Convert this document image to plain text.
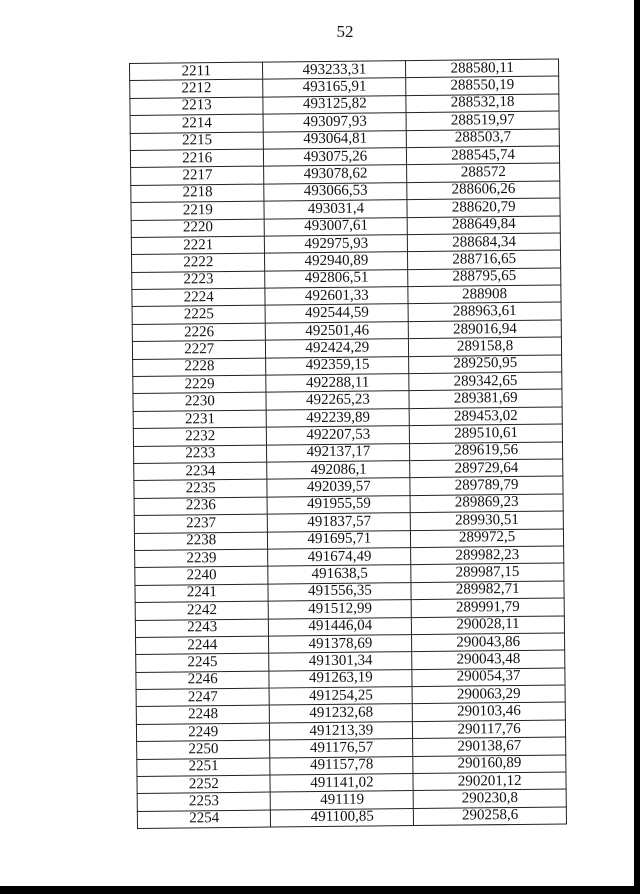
52
2211	493233,31	288580,11
2212	493165,91	288550,19
2213	493125,82	288532,18
2214	493097,93	288519,97
2215	493064,81	288503,7
2216	493075,26	288545,74
2217	493078,62	288572
2218	493066,53	288606,26
2219	493031,4	288620,79
2220	493007,61	288649,84
2221	492975,93	288684,34
2222	492940,89	288716,65
2223	492806,51	288795,65
2224	492601,33	288908
2225	492544,59	288963,61
2226	492501,46	289016,94
2227	492424,29	289158,8
2228	492359,15	289250,95
2229	492288,11	289342,65
2230	492265,23	289381,69
2231	492239,89	289453,02
2232	492207,53	289510,61
2233	492137,17	289619,56
2234	492086,1	289729,64
2235	492039,57	289789,79
2236	491955,59	289869,23
2237	491837,57	289930,51
2238	491695,71	289972,5
2239	491674,49	289982,23
2240	491638,5	289987,15
2241	491556,35	289982,71
2242	491512,99	289991,79
2243	491446,04	290028,11
2244	491378,69	290043,86
2245	491301,34	290043,48
2246	491263,19	290054,37
2247	491254,25	290063,29
2248	491232,68	290103,46
2249	491213,39	290117,76
2250	491176,57	290138,67
2251	491157,78	290160,89
2252	491141,02	290201,12
2253	491119	290230,8
2254	491100,85	290258,6
